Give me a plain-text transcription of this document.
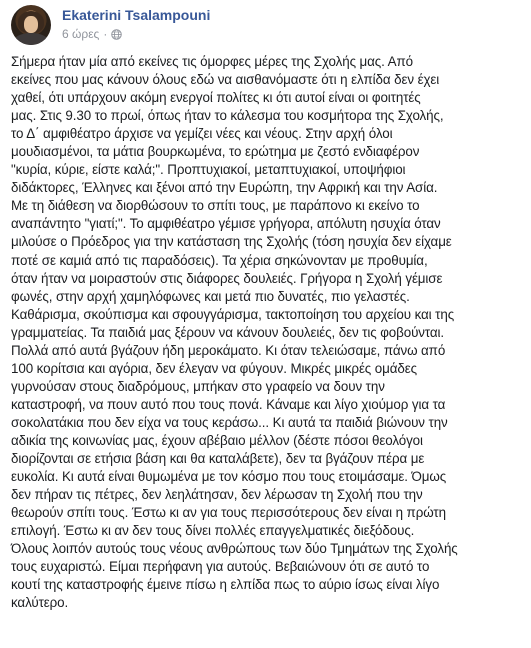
Ekaterini Tsalampouni
6 ώρες ·
Σήμερα ήταν μία από εκείνες τις όμορφες μέρες της Σχολής μας. Από
εκείνες που μας κάνουν όλους εδώ να αισθανόμαστε ότι η ελπίδα δεν έχει
χαθεί, ότι υπάρχουν ακόμη ενεργοί πολίτες κι ότι αυτοί είναι οι φοιτητές
μας. Στις 9.30 το πρωί, όπως ήταν το κάλεσμα του κοσμήτορα της Σχολής,
το Δ΄ αμφιθέατρο άρχισε να γεμίζει νέες και νέους. Στην αρχή όλοι
μουδιασμένοι, τα μάτια βουρκωμένα, το ερώτημα με ζεστό ενδιαφέρον
"κυρία, κύριε, είστε καλά;". Προπτυχιακοί, μεταπτυχιακοί, υποψήφιοι
διδάκτορες, Έλληνες και ξένοι από την Ευρώπη, την Αφρική και την Ασία.
Με τη διάθεση να διορθώσουν το σπίτι τους, με παράπονο κι εκείνο το
αναπάντητο "γιατί;". Το αμφιθέατρο γέμισε γρήγορα, απόλυτη ησυχία όταν
μιλούσε ο Πρόεδρος για την κατάσταση της Σχολής (τόση ησυχία δεν είχαμε
ποτέ σε καμιά από τις παραδόσεις). Τα χέρια σηκώνονταν με προθυμία,
όταν ήταν να μοιραστούν στις διάφορες δουλειές. Γρήγορα η Σχολή γέμισε
φωνές, στην αρχή χαμηλόφωνες και μετά πιο δυνατές, πιο γελαστές.
Καθάρισμα, σκούπισμα και σφουγγάρισμα, τακτοποίηση του αρχείου και της
γραμματείας. Τα παιδιά μας ξέρουν να κάνουν δουλειές, δεν τις φοβούνται.
Πολλά από αυτά βγάζουν ήδη μεροκάματο. Κι όταν τελειώσαμε, πάνω από
100 κορίτσια και αγόρια, δεν έλεγαν να φύγουν. Μικρές μικρές ομάδες
γυρνούσαν στους διαδρόμους, μπήκαν στο γραφείο να δουν την
καταστροφή, να πουν αυτό που τους πονά. Κάναμε και λίγο χιούμορ για τα
σοκολατάκια που δεν είχα να τους κεράσω... Κι αυτά τα παιδιά βιώνουν την
αδικία της κοινωνίας μας, έχουν αβέβαιο μέλλον (δέστε πόσοι θεολόγοι
διορίζονται σε ετήσια βάση και θα καταλάβετε), δεν τα βγάζουν πέρα με
ευκολία. Κι αυτά είναι θυμωμένα με τον κόσμο που τους ετοιμάσαμε. Όμως
δεν πήραν τις πέτρες, δεν λεηλάτησαν, δεν λέρωσαν τη Σχολή που την
θεωρούν σπίτι τους. Έστω κι αν για τους περισσότερους δεν είναι η πρώτη
επιλογή. Έστω κι αν δεν τους δίνει πολλές επαγγελματικές διεξόδους.
Όλους λοιπόν αυτούς τους νέους ανθρώπους των δύο Τμημάτων της Σχολής
τους ευχαριστώ. Είμαι περήφανη για αυτούς. Βεβαιώνουν ότι σε αυτό το
κουτί της καταστροφής έμεινε πίσω η ελπίδα πως το αύριο ίσως είναι λίγο
καλύτερο.
